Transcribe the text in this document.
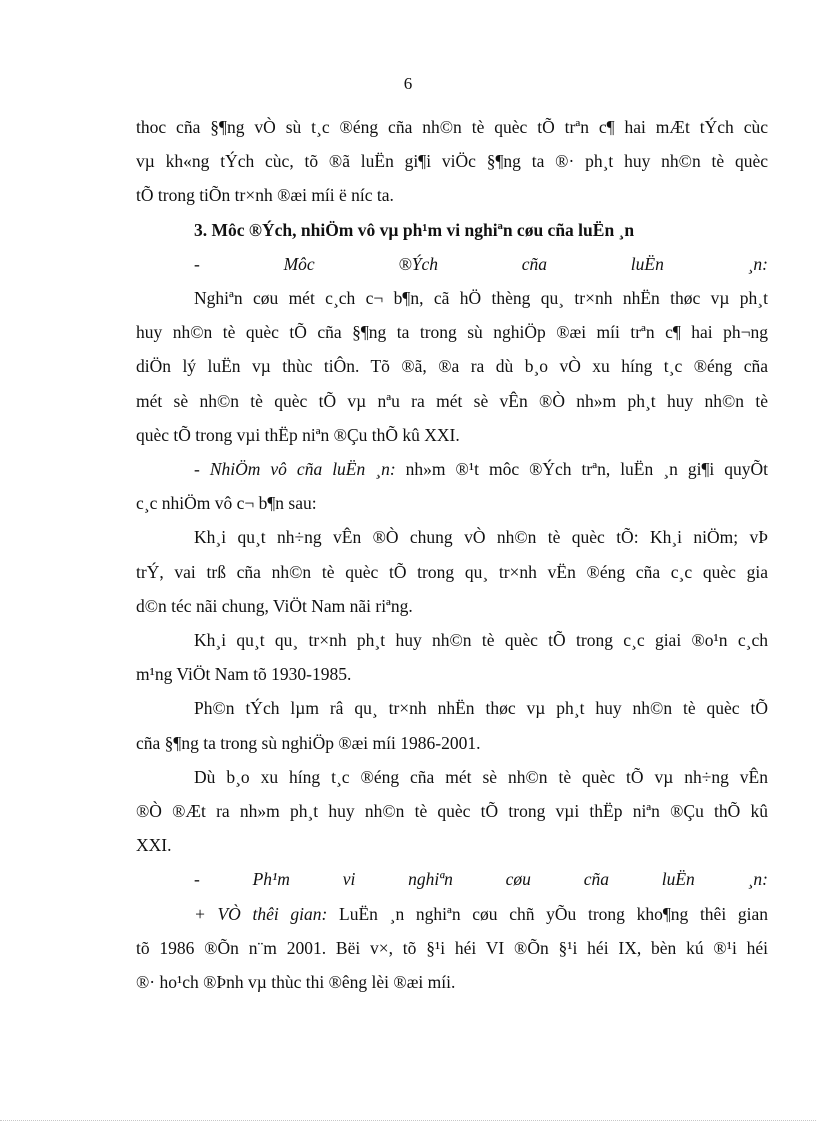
6

thoc cña §¶ng vÒ sù t¸c ®éng cña nh©n tè quèc tÕ trªn c¶ hai mÆt tÝch cùc

vµ kh«ng tÝch cùc, tõ ®ã luËn gi¶i viÖc §¶ng ta ®· ph¸t huy nh©n tè quèc

tÕ trong tiÕn tr×nh ®æi míi ë níc ta.

3. Môc ®Ých, nhiÖm vô vµ ph¹m vi nghiªn cøu cña luËn ¸n

- Môc ®Ých cña luËn ¸n:

Nghiªn cøu mét c¸ch c¬ b¶n, cã hÖ thèng qu¸ tr×nh nhËn thøc vµ ph¸t

huy nh©n tè quèc tÕ cña §¶ng ta trong sù nghiÖp ®æi míi trªn c¶ hai ph¬ng

diÖn lý luËn vµ thùc tiÔn. Tõ ®ã, ®a ra dù b¸o vÒ xu híng t¸c ®éng cña

mét sè nh©n tè quèc tÕ vµ nªu ra mét sè vÊn ®Ò nh»m ph¸t huy nh©n tè

quèc tÕ trong vµi thËp niªn ®Çu thÕ kû XXI.

- NhiÖm vô cña luËn ¸n: nh»m ®¹t môc ®Ých trªn, luËn ¸n gi¶i quyÕt

c¸c nhiÖm vô c¬ b¶n sau:

Kh¸i qu¸t nh÷ng vÊn ®Ò chung vÒ nh©n tè quèc tÕ: Kh¸i niÖm; vÞ

trÝ, vai trß cña nh©n tè quèc tÕ trong qu¸ tr×nh vËn ®éng cña c¸c quèc gia

d©n téc nãi chung, ViÖt Nam nãi riªng.

Kh¸i qu¸t qu¸ tr×nh ph¸t huy nh©n tè quèc tÕ trong c¸c giai ®o¹n c¸ch

m¹ng ViÖt Nam tõ 1930-1985.

Ph©n tÝch lµm râ qu¸ tr×nh nhËn thøc vµ ph¸t huy nh©n tè quèc tÕ

cña §¶ng ta trong sù nghiÖp ®æi míi 1986-2001.

Dù b¸o xu híng t¸c ®éng cña mét sè nh©n tè quèc tÕ vµ nh÷ng vÊn

®Ò ®Æt ra nh»m ph¸t huy nh©n tè quèc tÕ trong vµi thËp niªn ®Çu thÕ kû

XXI.

- Ph¹m vi nghiªn cøu cña luËn ¸n:

+ VÒ thêi gian: LuËn ¸n nghiªn cøu chñ yÕu trong kho¶ng thêi gian

tõ 1986 ®Õn n¨m 2001. Bëi v×, tõ §¹i héi VI ®Õn §¹i héi IX, bèn kú ®¹i héi

®· ho¹ch ®Þnh vµ thùc thi ®êng lèi ®æi míi.
